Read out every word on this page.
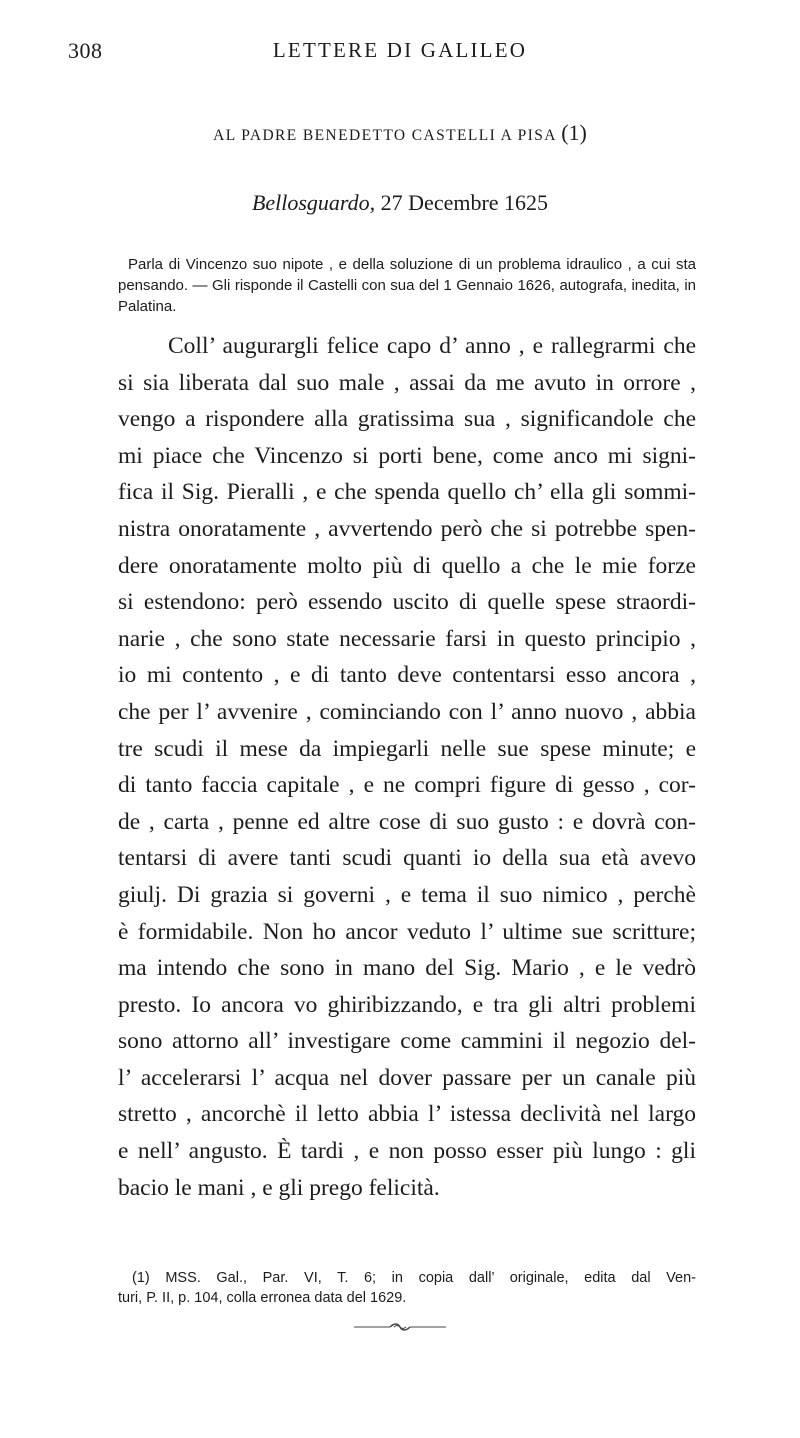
308	LETTERE DI GALILEO
AL PADRE BENEDETTO CASTELLI A PISA (1)
Bellosguardo, 27 Decembre 1625
Parla di Vincenzo suo nipote , e della soluzione di un problema idraulico , a cui sta pensando. — Gli risponde il Castelli con sua del 1 Gennaio 1626, autografa, inedita, in Palatina.
Coll’ augurargli felice capo d’ anno , e rallegrarmi che
si sia liberata dal suo male , assai da me avuto in orrore ,
vengo a rispondere alla gratissima sua , significandole che
mi piace che Vincenzo si porti bene, come anco mi signi-
fica il Sig. Pieralli , e che spenda quello ch’ ella gli sommi-
nistra onoratamente , avvertendo però che si potrebbe spen-
dere onoratamente molto più di quello a che le mie forze
si estendono: però essendo uscito di quelle spese straordi-
narie , che sono state necessarie farsi in questo principio ,
io mi contento , e di tanto deve contentarsi esso ancora ,
che per l’ avvenire , cominciando con l’ anno nuovo , abbia
tre scudi il mese da impiegarli nelle sue spese minute; e
di tanto faccia capitale , e ne compri figure di gesso , cor-
de , carta , penne ed altre cose di suo gusto : e dovrà con-
tentarsi di avere tanti scudi quanti io della sua età avevo
giulj. Di grazia si governi , e tema il suo nimico , perchè
è formidabile. Non ho ancor veduto l’ ultime sue scritture;
ma intendo che sono in mano del Sig. Mario , e le vedrò
presto. Io ancora vo ghiribizzando, e tra gli altri problemi
sono attorno all’ investigare come cammini il negozio del-
l’ accelerarsi l’ acqua nel dover passare per un canale più
stretto , ancorchè il letto abbia l’ istessa declività nel largo
e nell’ angusto. È tardi , e non posso esser più lungo : gli
bacio le mani , e gli prego felicità.
(1) MSS. Gal., Par. VI, T. 6; in copia dall’ originale, edita dal Ven-
turi, P. II, p. 104, colla erronea data del 1629.
